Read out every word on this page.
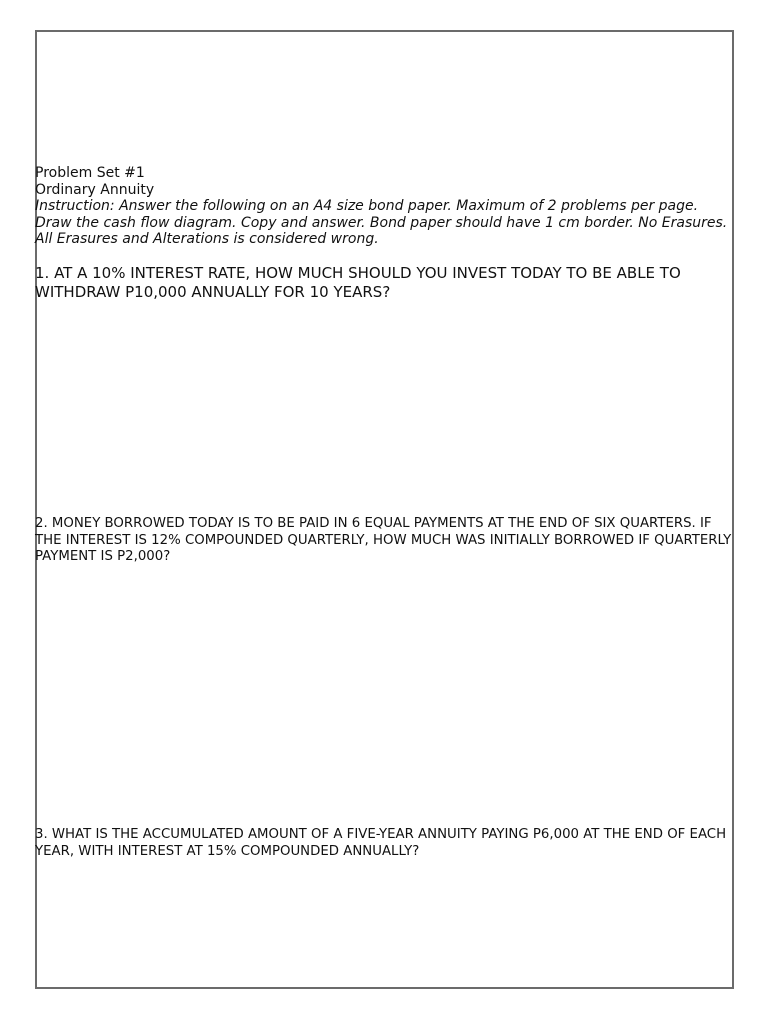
Problem Set #1
Ordinary Annuity
Instruction: Answer the following on an A4 size bond paper. Maximum of 2 problems per page. Draw the cash flow diagram. Copy and answer. Bond paper should have 1 cm border. No Erasures. All Erasures and Alterations is considered wrong.

1. AT A 10% INTEREST RATE, HOW MUCH SHOULD YOU INVEST TODAY TO BE ABLE TO WITHDRAW P10,000 ANNUALLY FOR 10 YEARS?

2. MONEY BORROWED TODAY IS TO BE PAID IN 6 EQUAL PAYMENTS AT THE END OF SIX QUARTERS. IF THE INTEREST IS 12% COMPOUNDED QUARTERLY, HOW MUCH WAS INITIALLY BORROWED IF QUARTERLY PAYMENT IS P2,000?

3. WHAT IS THE ACCUMULATED AMOUNT OF A FIVE-YEAR ANNUITY PAYING P6,000 AT THE END OF EACH YEAR, WITH INTEREST AT 15% COMPOUNDED ANNUALLY?
